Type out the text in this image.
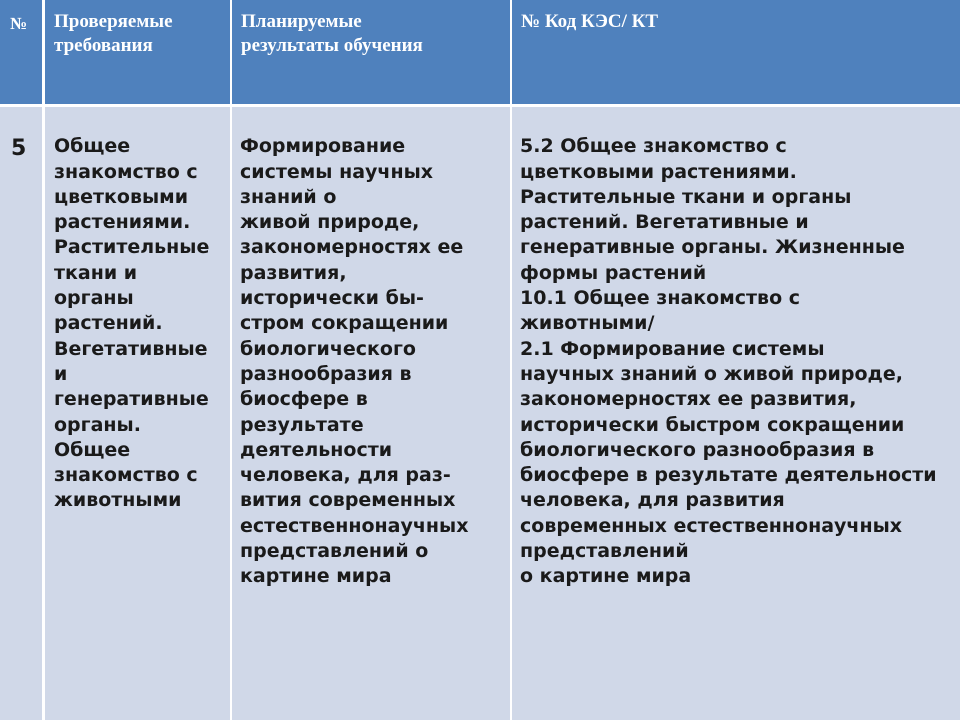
№	Проверяемые
требования
Планируемые
результаты обучения
№ Код КЭС/ КТ

5	Общее
знакомство с
цветковыми
растениями.
Растительные
ткани и
органы
растений.
Вегетативные
и
генеративные
органы.
Общее
знакомство с
животными

Формирование
системы научных
знаний о
живой природе,
закономерностях ее
развития,
исторически бы-
стром сокращении
биологического
разнообразия в
биосфере в
результате
деятельности
человека, для раз-
вития современных
естественнонаучных
представлений о
картине мира

5.2 Общее знакомство с
цветковыми растениями.
Растительные ткани и органы
растений. Вегетативные и
генеративные органы. Жизненные
формы растений
10.1 Общее знакомство с
животными/
2.1 Формирование системы
научных знаний о живой природе,
закономерностях ее развития,
исторически быстром сокращении
биологического разнообразия в
биосфере в результате деятельности
человека, для развития
современных естественнонаучных
представлений
о картине мира
